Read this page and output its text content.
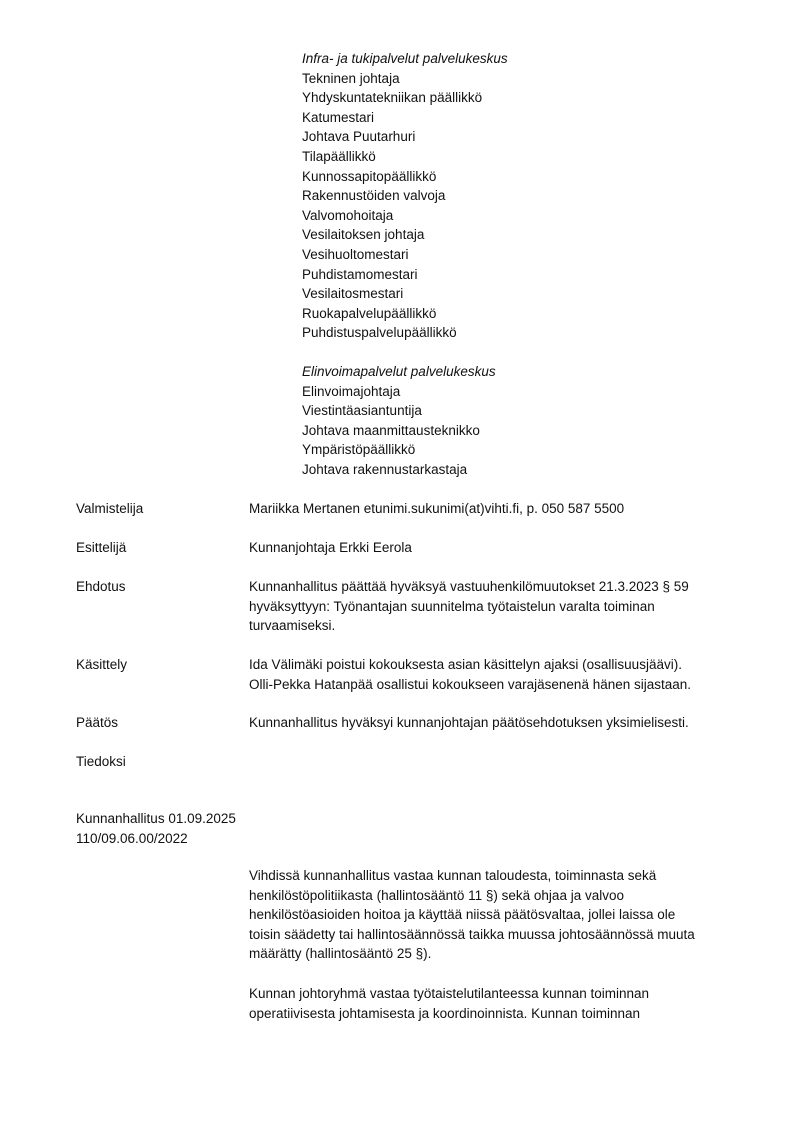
Infra- ja tukipalvelut palvelukeskus
Tekninen johtaja
Yhdyskuntatekniikan päällikkö
Katumestari
Johtava Puutarhuri
Tilapäällikkö
Kunnossapitopäällikkö
Rakennustöiden valvoja
Valvomohoitaja
Vesilaitoksen johtaja
Vesihuoltomestari
Puhdistamomestari
Vesilaitosmestari
Ruokapalvelupäällikkö
Puhdistuspalvelupäällikkö
Elinvoimapalvelut palvelukeskus
Elinvoimajohtaja
Viestintäasiantuntija
Johtava maanmittausteknikko
Ympäristöpäällikkö
Johtava rakennustarkastaja
Valmistelija	Mariikka Mertanen etunimi.sukunimi(at)vihti.fi, p. 050 587 5500
Esittelijä	Kunnanjohtaja Erkki Eerola
Ehdotus	Kunnanhallitus päättää hyväksyä vastuuhenkilömuutokset 21.3.2023 § 59
hyväksyttyyn: Työnantajan suunnitelma työtaistelun varalta toiminan
turvaamiseksi.
Käsittely	Ida Välimäki poistui kokouksesta asian käsittelyn ajaksi (osallisuusjäävi).
Olli-Pekka Hatanpää osallistui kokoukseen varajäsenenä hänen sijastaan.
Päätös	Kunnanhallitus hyväksyi kunnanjohtajan päätösehdotuksen yksimielisesti.
Tiedoksi
Kunnanhallitus 01.09.2025
110/09.06.00/2022
Vihdissä kunnanhallitus vastaa kunnan taloudesta, toiminnasta sekä
henkilöstöpolitiikasta (hallintosääntö 11 §) sekä ohjaa ja valvoo
henkilöstöasioiden hoitoa ja käyttää niissä päätösvaltaa, jollei laissa ole
toisin säädetty tai hallintosäännössä taikka muussa johtosäännössä muuta
määrätty (hallintosääntö 25 §).
Kunnan johtoryhmä vastaa työtaistelutilanteessa kunnan toiminnan
operatiivisesta johtamisesta ja koordinoinnista. Kunnan toiminnan
